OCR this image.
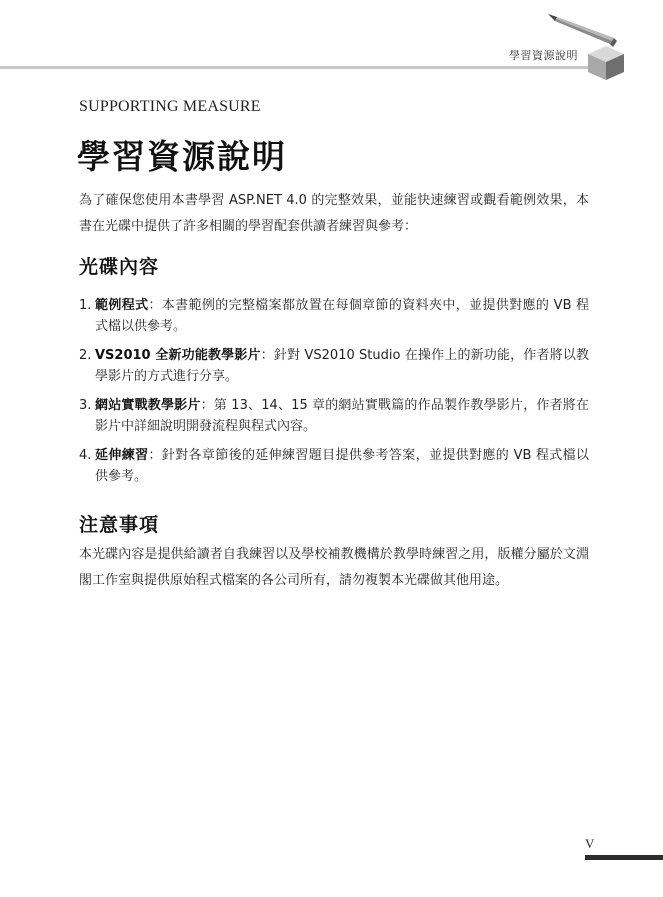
學習資源說明
SUPPORTING MEASURE
學習資源說明

為了確保您使用本書學習 ASP.NET 4.0 的完整效果，並能快速練習或觀看範例效果，本書在光碟中提供了許多相關的學習配套供讀者練習與參考：

光碟內容
1. 範例程式：本書範例的完整檔案都放置在每個章節的資料夾中，並提供對應的 VB 程式檔以供參考。
2. VS2010 全新功能教學影片：針對 VS2010 Studio 在操作上的新功能，作者將以教學影片的方式進行分享。
3. 網站實戰教學影片：第 13、14、15 章的網站實戰篇的作品製作教學影片，作者將在影片中詳細說明開發流程與程式內容。
4. 延伸練習：針對各章節後的延伸練習題目提供參考答案，並提供對應的 VB 程式檔以供參考。
注意事項

本光碟內容是提供給讀者自我練習以及學校補教機構於教學時練習之用，版權分屬於文淵閣工作室與提供原始程式檔案的各公司所有，請勿複製本光碟做其他用途。

V
